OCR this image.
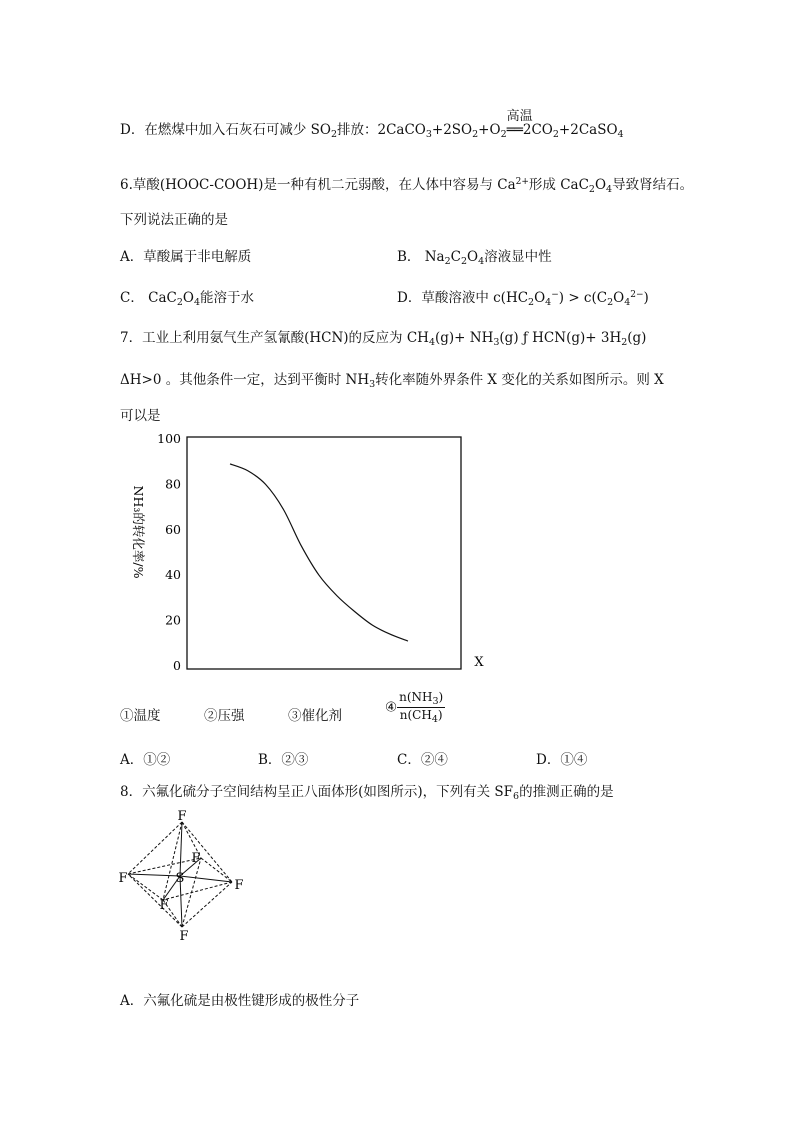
D．在燃煤中加入石灰石可减少 $SO_2$排放：$2CaCO_3+2SO_2+O_2$
高温
$══2CO_2+2CaSO_4$
6.草酸(HOOC-COOH)是一种有机二元弱酸，在人体中容易与 $Ca^{2+}$形成 $CaC_2O_4$导致肾结石。
下列说法正确的是
A．草酸属于非电解质	B． $Na_2C_2O_4$溶液显中性
C． $CaC_2O_4$能溶于水	D．草酸溶液中 $c(HC_2O_4^-) > c(C_2O_4^{2-})$
7．工业上利用氨气生产氢氰酸(HCN)的反应为 $CH_4(g)+ NH_3(g)$ ƒ $HCN(g)+ 3H_2(g)$
ΔH>0 。其他条件一定，达到平衡时 $NH_3$转化率随外界条件 X 变化的关系如图所示。则 X
可以是
100
80
60
40
20
0	X
NH₃的转化率/%
①温度	②压强	③催化剂
④ $\frac{n(NH_3)}{n(CH_4)}$
A．①②	B．②③	C．②④	D．①④
8．六氟化硫分子空间结构呈正八面体形(如图所示)，下列有关 $SF_6$的推测正确的是
F
F	F
F
F
F
S
A．六氟化硫是由极性键形成的极性分子
